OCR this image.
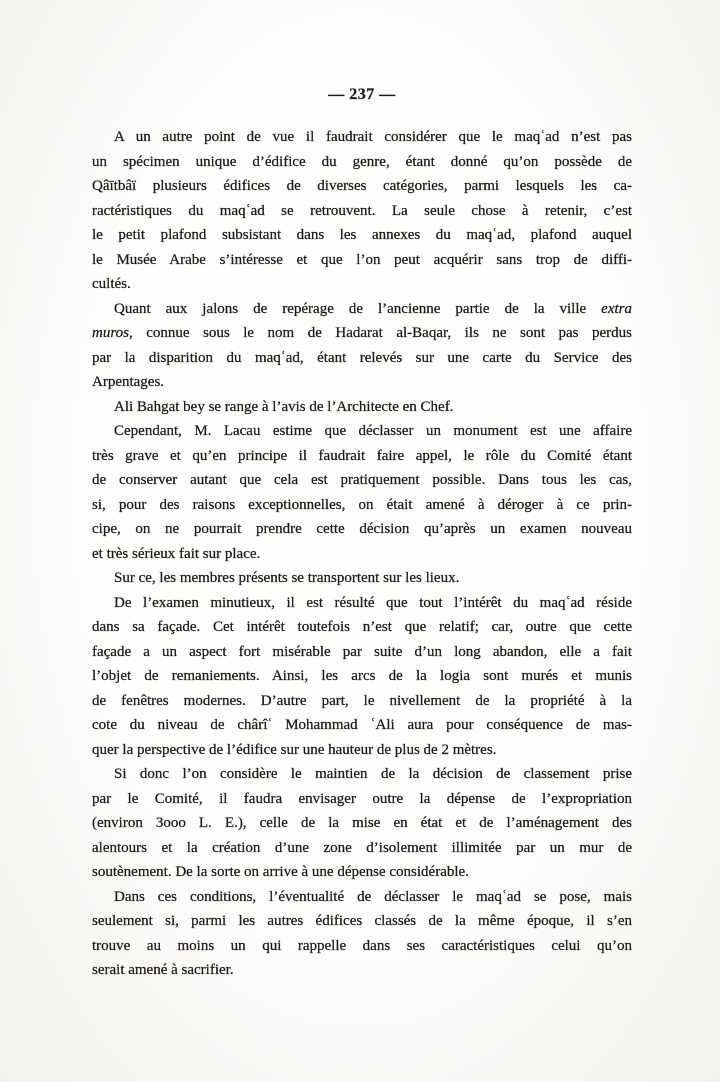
— 237 —
A un autre point de vue il faudrait considérer que le maqʿad n’est pas
un spécimen unique d’édifice du genre, étant donné qu’on possède de
Qâītbâï plusieurs édifices de diverses catégories, parmi lesquels les ca-
ractéristiques du maqʿad se retrouvent. La seule chose à retenir, c’est
le petit plafond subsistant dans les annexes du maqʿad, plafond auquel
le Musée Arabe s’intéresse et que l’on peut acquérir sans trop de diffi-
cultés.
Quant aux jalons de repérage de l’ancienne partie de la ville extra
muros, connue sous le nom de Hadarat al-Baqar, ils ne sont pas perdus
par la disparition du maqʿad, étant relevés sur une carte du Service des
Arpentages.
Ali Bahgat bey se range à l’avis de l’Architecte en Chef.
Cependant, M. Lacau estime que déclasser un monument est une affaire
très grave et qu’en principe il faudrait faire appel, le rôle du Comité étant
de conserver autant que cela est pratiquement possible. Dans tous les cas,
si, pour des raisons exceptionnelles, on était amené à déroger à ce prin-
cipe, on ne pourrait prendre cette décision qu’après un examen nouveau
et très sérieux fait sur place.
Sur ce, les membres présents se transportent sur les lieux.
De l’examen minutieux, il est résulté que tout l’intérêt du maqʿad réside
dans sa façade. Cet intérêt toutefois n’est que relatif; car, outre que cette
façade a un aspect fort misérable par suite d’un long abandon, elle a fait
l’objet de remaniements. Ainsi, les arcs de la logia sont murés et munis
de fenêtres modernes. D’autre part, le nivellement de la propriété à la
cote du niveau de chârîʿ Mohammad ʿAli aura pour conséquence de mas-
quer la perspective de l’édifice sur une hauteur de plus de 2 mètres.
Si donc l’on considère le maintien de la décision de classement prise
par le Comité, il faudra envisager outre la dépense de l’expropriation
(environ 3ooo L. E.), celle de la mise en état et de l’aménagement des
alentours et la création d’une zone d’isolement illimitée par un mur de
soutènement. De la sorte on arrive à une dépense considérable.
Dans ces conditions, l’éventualité de déclasser le maqʿad se pose, mais
seulement si, parmi les autres édifices classés de la même époque, il s’en
trouve au moins un qui rappelle dans ses caractéristiques celui qu’on
serait amené à sacrifier.
